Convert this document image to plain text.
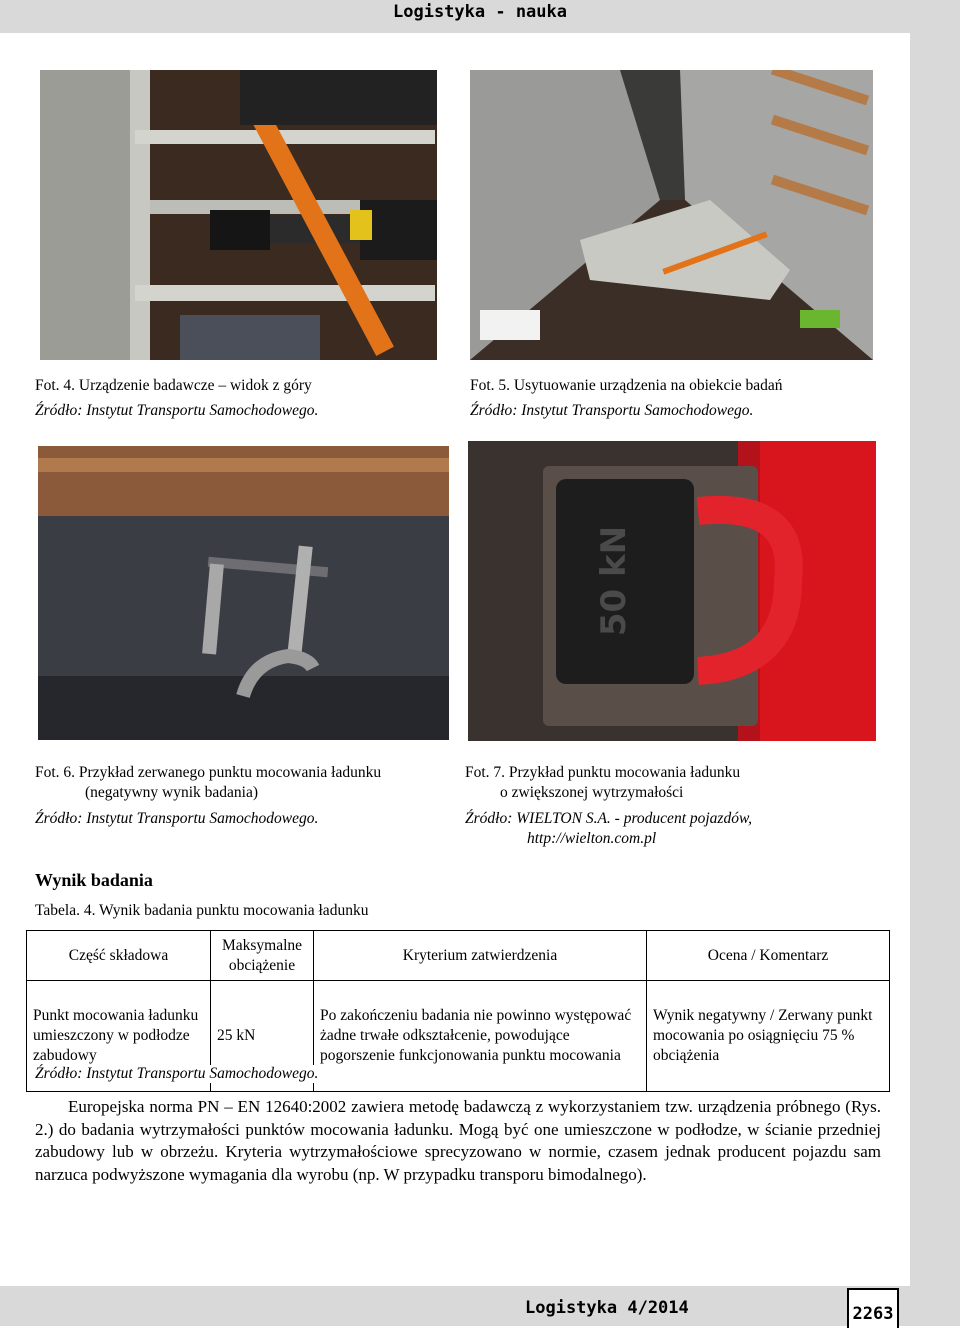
Logistyka - nauka
Fot. 4. Urządzenie badawcze – widok z góry
Źródło: Instytut Transportu Samochodowego.
Fot. 5. Usytuowanie urządzenia na obiekcie badań
Źródło: Instytut Transportu Samochodowego.
Fot. 6. Przykład zerwanego punktu mocowania ładunku
(negatywny wynik badania)
Źródło: Instytut Transportu Samochodowego.
50 kN
Fot. 7. Przykład punktu mocowania ładunku
o zwiększonej wytrzymałości
Źródło: WIELTON S.A. - producent pojazdów,
http://wielton.com.pl
Wynik badania
Tabela. 4. Wynik badania punktu mocowania ładunku
Część składowa	Maksymalne obciążenie	Kryterium zatwierdzenia	Ocena / Komentarz
Punkt mocowania ładunku umieszczony w podłodze zabudowy	25 kN	Po zakończeniu badania nie powinno występować żadne trwałe odkształcenie, powodujące pogorszenie funkcjonowania punktu mocowania	Wynik negatywny / Zerwany punkt mocowania po osiągnięciu 75 % obciążenia
Źródło: Instytut Transportu Samochodowego.
Europejska norma PN – EN 12640:2002 zawiera metodę badawczą z wykorzystaniem tzw. urządzenia próbnego (Rys. 2.) do badania wytrzymałości punktów mocowania ładunku. Mogą być one umieszczone w podłodze, w ścianie przedniej zabudowy lub w obrzeżu. Kryteria wytrzymałościowe sprecyzowano w normie, czasem jednak producent pojazdu sam narzuca podwyższone wymagania dla wyrobu (np. W przypadku transporu bimodalnego).
Logistyka 4/2014	2263
